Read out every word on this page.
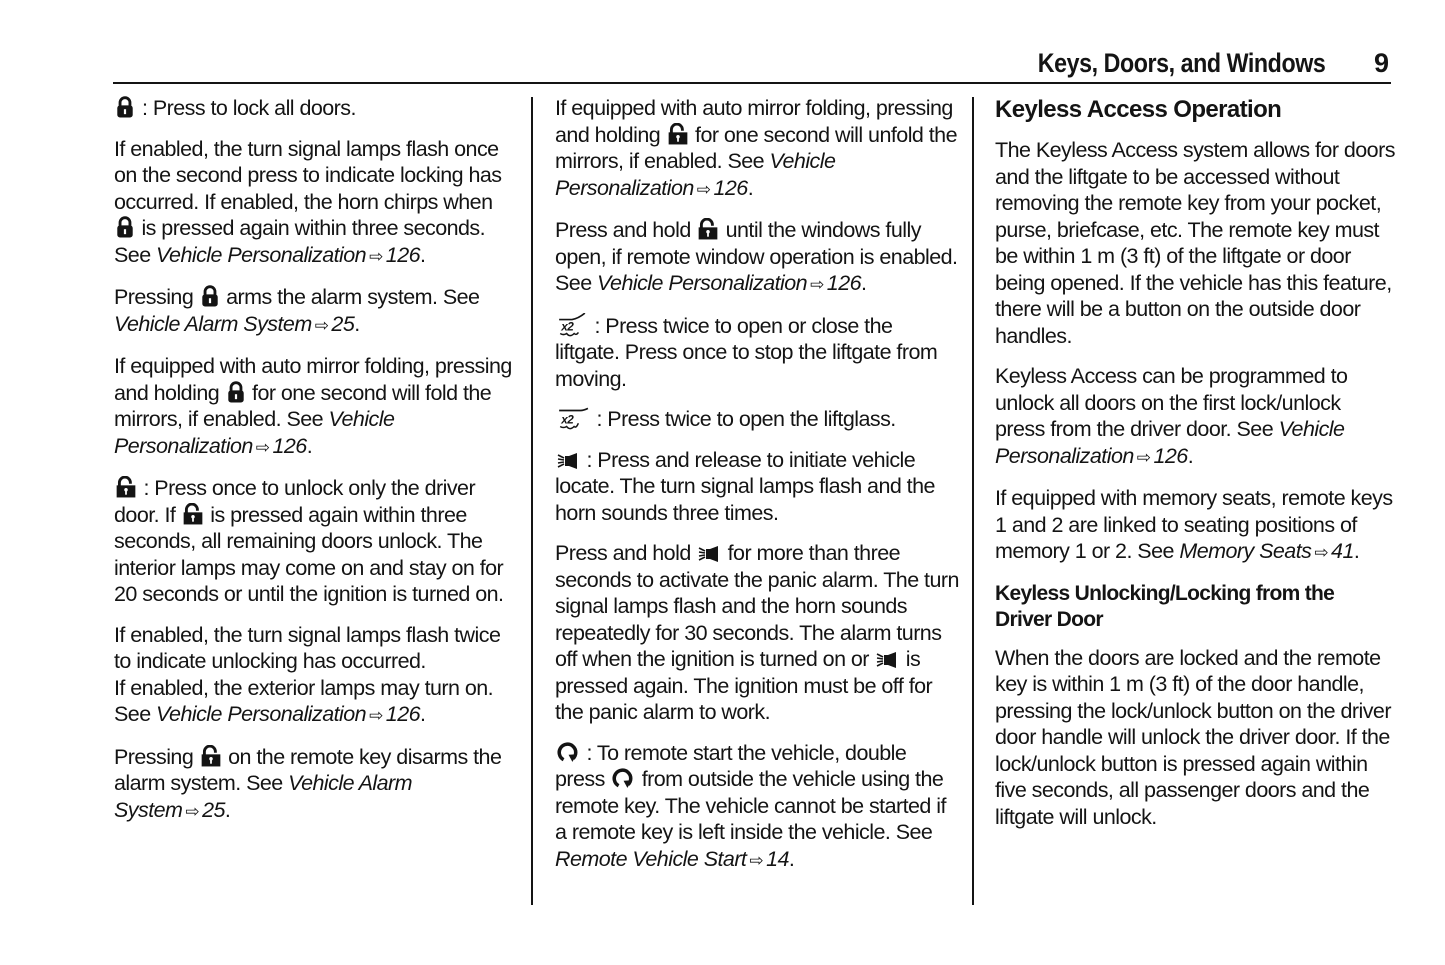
Keys, Doors, and Windows 9

: Press to lock all doors.

If enabled, the turn signal lamps flash once on the second press to indicate locking has occurred. If enabled, the horn chirps when  is pressed again within three seconds. See Vehicle Personalization ⇨ 126.

Pressing arms the alarm system. See Vehicle Alarm System ⇨ 25.

If equipped with auto mirror folding, pressing and holding for one second will fold the mirrors, if enabled. See Vehicle Personalization ⇨ 126.

: Press once to unlock only the driver door. If is pressed again within three seconds, all remaining doors unlock. The interior lamps may come on and stay on for 20 seconds or until the ignition is turned on.

If enabled, the turn signal lamps flash twice to indicate unlocking has occurred.
If enabled, the exterior lamps may turn on. See Vehicle Personalization ⇨ 126.

Pressing on the remote key disarms the alarm system. See Vehicle Alarm System ⇨ 25.

If equipped with auto mirror folding, pressing and holding for one second will unfold the mirrors, if enabled. See Vehicle Personalization ⇨ 126.

Press and hold until the windows fully open, if remote window operation is enabled. See Vehicle Personalization ⇨ 126.

: Press twice to open or close the liftgate. Press once to stop the liftgate from moving.

: Press twice to open the liftglass.

: Press and release to initiate vehicle locate. The turn signal lamps flash and the horn sounds three times.

Press and hold for more than three seconds to activate the panic alarm. The turn signal lamps flash and the horn sounds repeatedly for 30 seconds. The alarm turns off when the ignition is turned on or is pressed again. The ignition must be off for the panic alarm to work.

: To remote start the vehicle, double press from outside the vehicle using the remote key. The vehicle cannot be started if a remote key is left inside the vehicle. See Remote Vehicle Start ⇨ 14.

Keyless Access Operation

The Keyless Access system allows for doors and the liftgate to be accessed without removing the remote key from your pocket, purse, briefcase, etc. The remote key must be within 1 m (3 ft) of the liftgate or door being opened. If the vehicle has this feature, there will be a button on the outside door handles.

Keyless Access can be programmed to unlock all doors on the first lock/unlock press from the driver door. See Vehicle Personalization ⇨ 126.

If equipped with memory seats, remote keys 1 and 2 are linked to seating positions of memory 1 or 2. See Memory Seats ⇨ 41.

Keyless Unlocking/Locking from the Driver Door

When the doors are locked and the remote key is within 1 m (3 ft) of the door handle, pressing the lock/unlock button on the driver door handle will unlock the driver door. If the lock/unlock button is pressed again within five seconds, all passenger doors and the liftgate will unlock.
